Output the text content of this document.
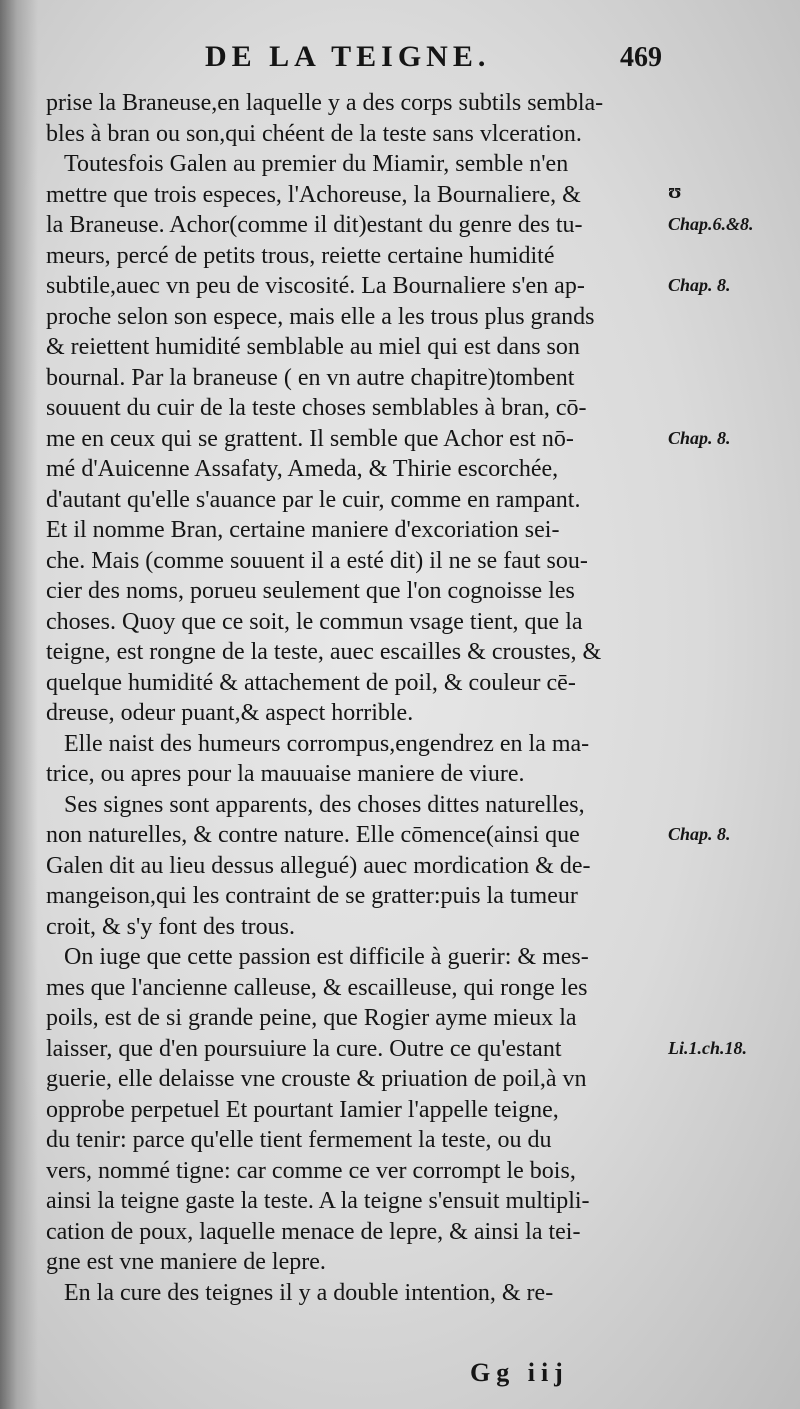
DE LA TEIGNE.	469
prise la Braneuse,en laquelle y a des corps subtils sembla-
bles à bran ou son,qui chéent de la teste sans vlceration.
Toutesfois Galen au premier du Miamir, semble n'en
mettre que trois especes, l'Achoreuse, la Bournaliere, &
la Braneuse. Achor(comme il dit)estant du genre des tu-
meurs, percé de petits trous, reiette certaine humidité
subtile,auec vn peu de viscosité. La Bournaliere s'en ap-
proche selon son espece, mais elle a les trous plus grands
& reiettent humidité semblable au miel qui est dans son
bournal. Par la braneuse ( en vn autre chapitre)tombent
souuent du cuir de la teste choses semblables à bran, cō-
me en ceux qui se grattent. Il semble que Achor est nō-
mé d'Auicenne Assafaty, Ameda, & Thirie escorchée,
d'autant qu'elle s'auance par le cuir, comme en rampant.
Et il nomme Bran, certaine maniere d'excoriation sei-
che. Mais (comme souuent il a esté dit) il ne se faut sou-
cier des noms, porueu seulement que l'on cognoisse les
choses. Quoy que ce soit, le commun vsage tient, que la
teigne, est rongne de la teste, auec escailles & croustes, &
quelque humidité & attachement de poil, & couleur cē-
dreuse, odeur puant,& aspect horrible.
Elle naist des humeurs corrompus,engendrez en la ma-
trice, ou apres pour la mauuaise maniere de viure.
Ses signes sont apparents, des choses dittes naturelles,
non naturelles, & contre nature. Elle cōmence(ainsi que
Galen dit au lieu dessus allegué) auec mordication & de-
mangeison,qui les contraint de se gratter:puis la tumeur
croit, & s'y font des trous.
On iuge que cette passion est difficile à guerir: & mes-
mes que l'ancienne calleuse, & escailleuse, qui ronge les
poils, est de si grande peine, que Rogier ayme mieux la
laisser, que d'en poursuiure la cure. Outre ce qu'estant
guerie, elle delaisse vne crouste & priuation de poil,à vn
opprobe perpetuel Et pourtant Iamier l'appelle teigne,
du tenir: parce qu'elle tient fermement la teste, ou du
vers, nommé tigne: car comme ce ver corrompt le bois,
ainsi la teigne gaste la teste. A la teigne s'ensuit multipli-
cation de poux, laquelle menace de lepre, & ainsi la tei-
gne est vne maniere de lepre.
En la cure des teignes il y a double intention, & re-
Chap.6.&8.
Chap. 8.
Chap. 8.
Chap. 8.
Li.1.ch.18.
ʊ
Gg iij
